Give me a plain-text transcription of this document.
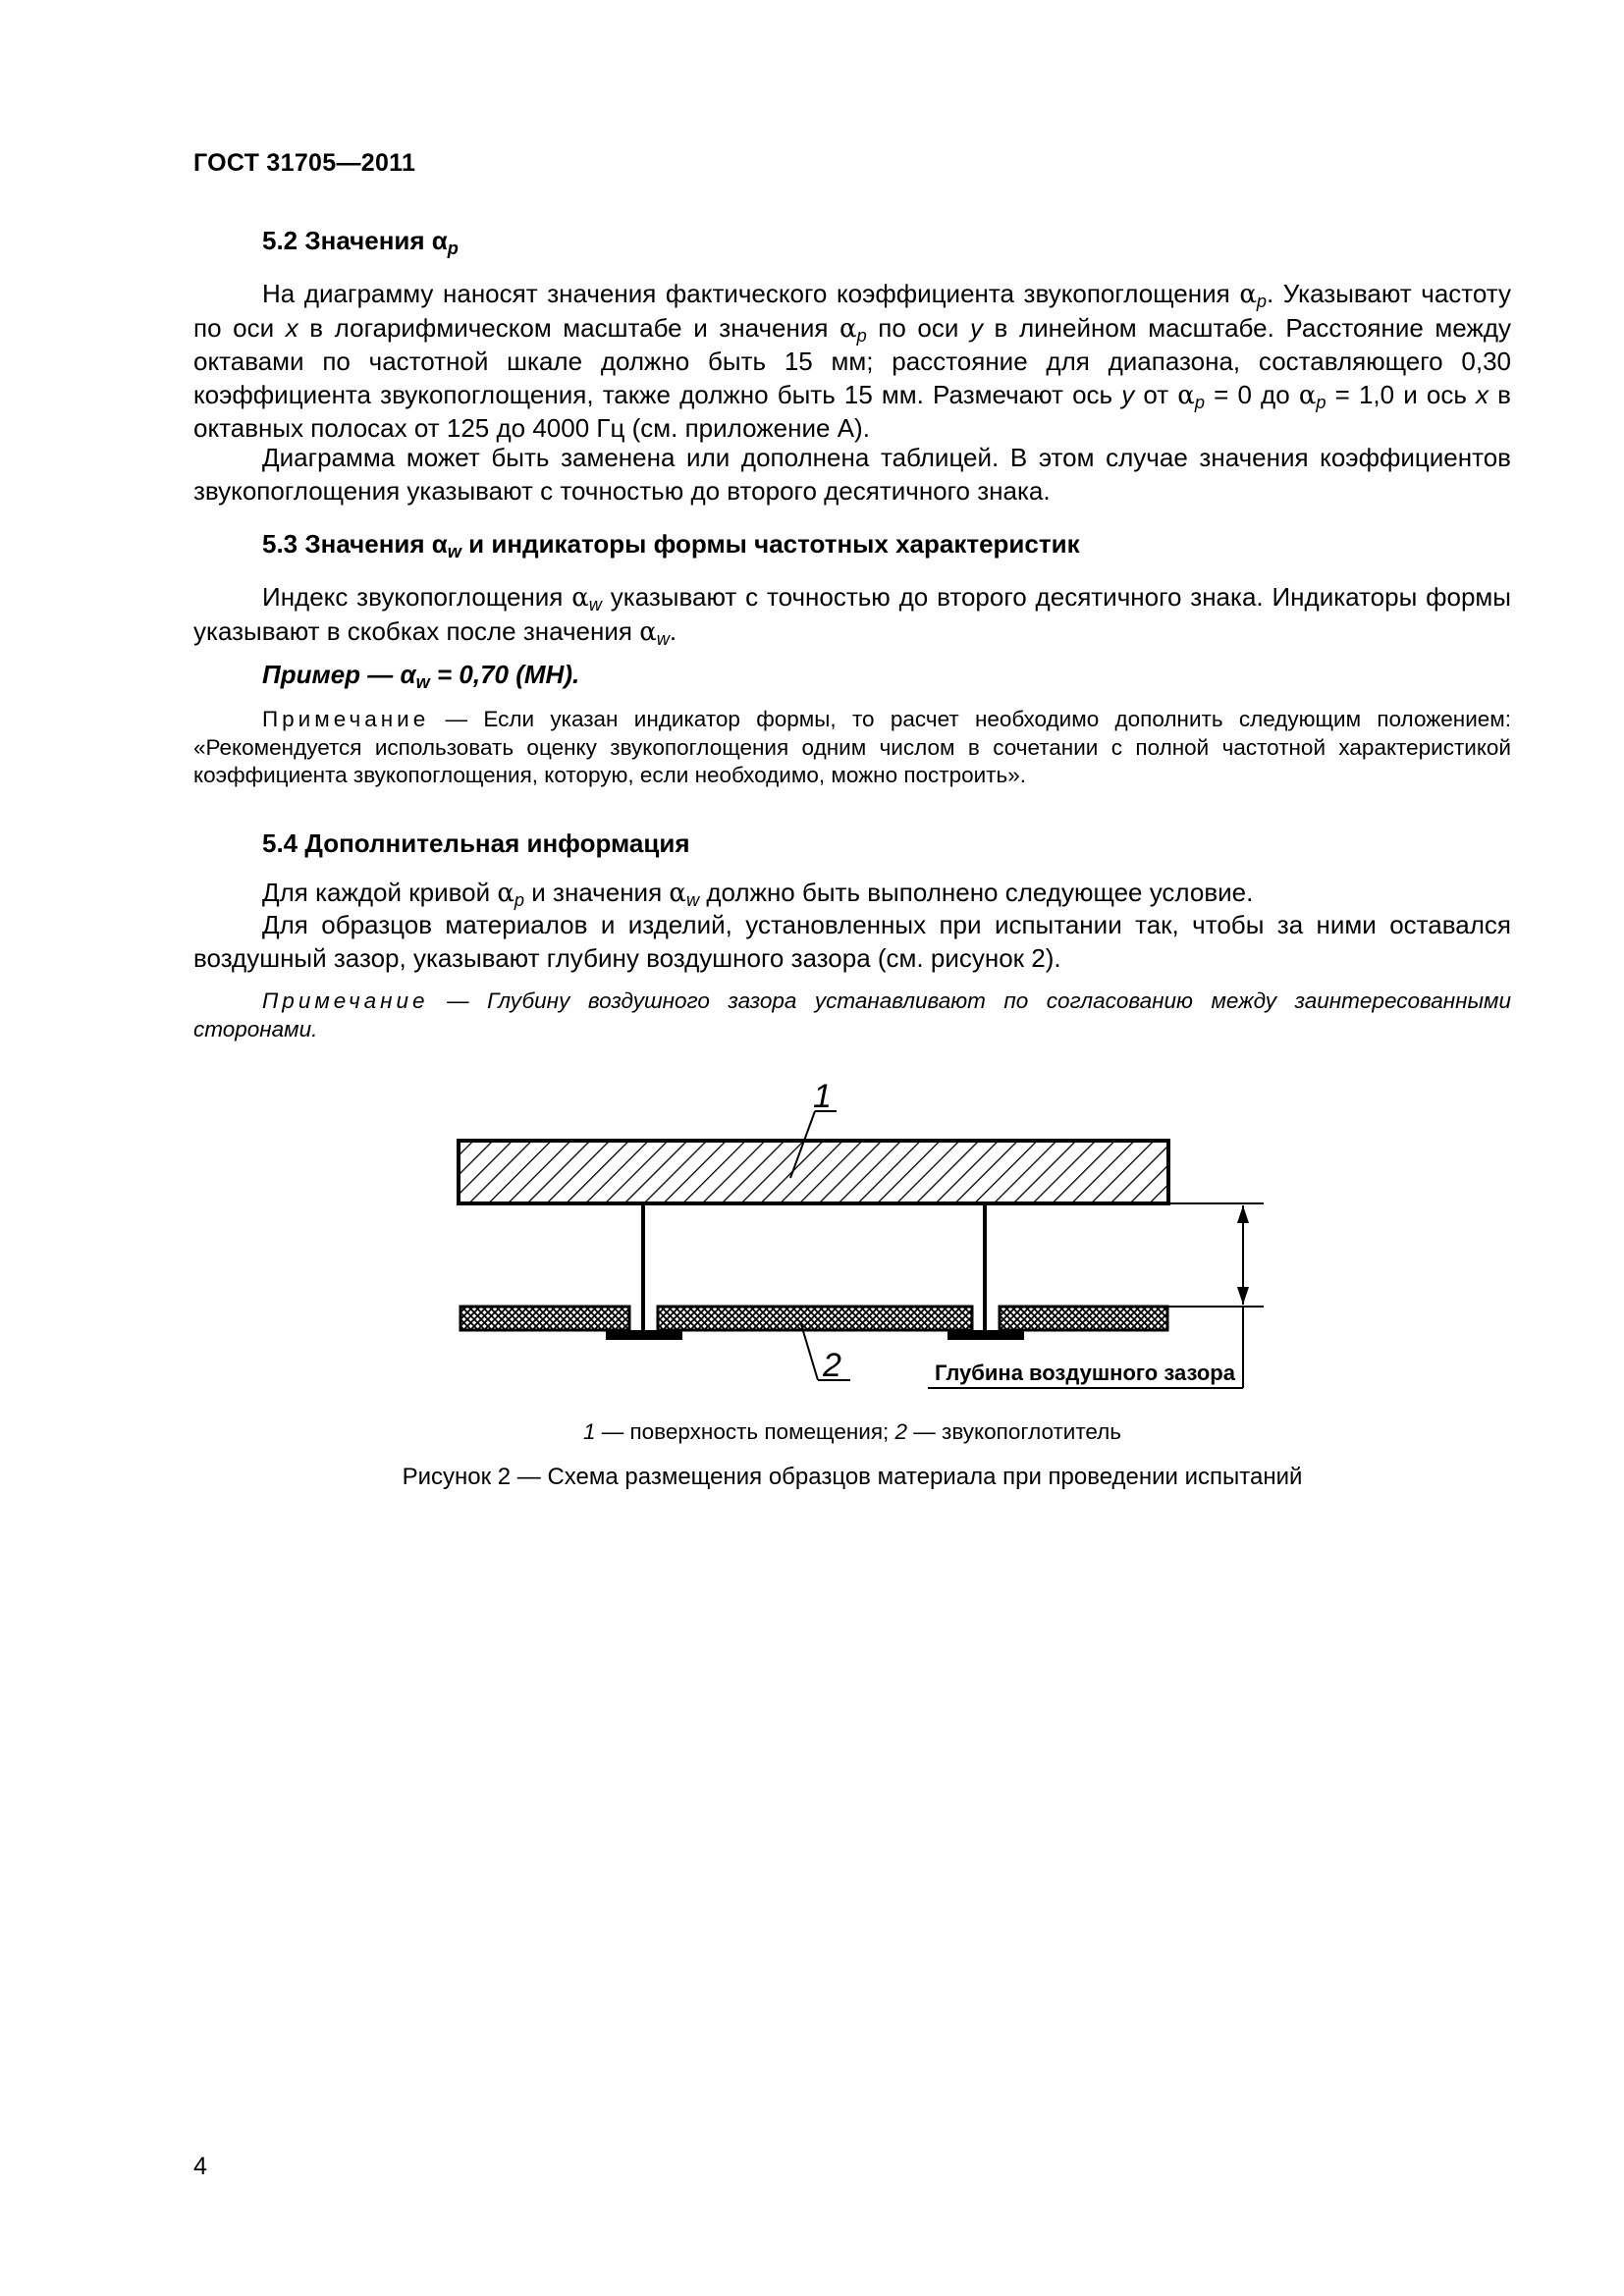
ГОСТ 31705—2011
5.2 Значения $\alpha_p$
На диаграмму наносят значения фактического коэффициента звукопоглощения $\alpha_p$. Указывают частоту по оси x в логарифмическом масштабе и значения $\alpha_p$ по оси y в линейном масштабе. Расстояние между октавами по частотной шкале должно быть 15 мм; расстояние для диапазона, составляющего 0,30 коэффициента звукопоглощения, также должно быть 15 мм. Размечают ось y от $\alpha_p = 0$ до $\alpha_p = 1,0$ и ось x в октавных полосах от 125 до 4000 Гц (см. приложение А).
Диаграмма может быть заменена или дополнена таблицей. В этом случае значения коэффициентов звукопоглощения указывают с точностью до второго десятичного знака.
5.3 Значения $\alpha_w$ и индикаторы формы частотных характеристик
Индекс звукопоглощения $\alpha_w$ указывают с точностью до второго десятичного знака. Индикаторы формы указывают в скобках после значения $\alpha_w$.
Пример — $\alpha_w = 0,70$ (МН).
Примечание — Если указан индикатор формы, то расчет необходимо дополнить следующим положением: «Рекомендуется использовать оценку звукопоглощения одним числом в сочетании с полной частотной характеристикой коэффициента звукопоглощения, которую, если необходимо, можно построить».
5.4 Дополнительная информация
Для каждой кривой $\alpha_p$ и значения $\alpha_w$ должно быть выполнено следующее условие.
Для образцов материалов и изделий, установленных при испытании так, чтобы за ними оставался воздушный зазор, указывают глубину воздушного зазора (см. рисунок 2).
Примечание — Глубину воздушного зазора устанавливают по согласованию между заинтересованными сторонами.
1
2	Глубина воздушного зазора
1 — поверхность помещения; 2 — звукопоглотитель
Рисунок 2 — Схема размещения образцов материала при проведении испытаний
4
